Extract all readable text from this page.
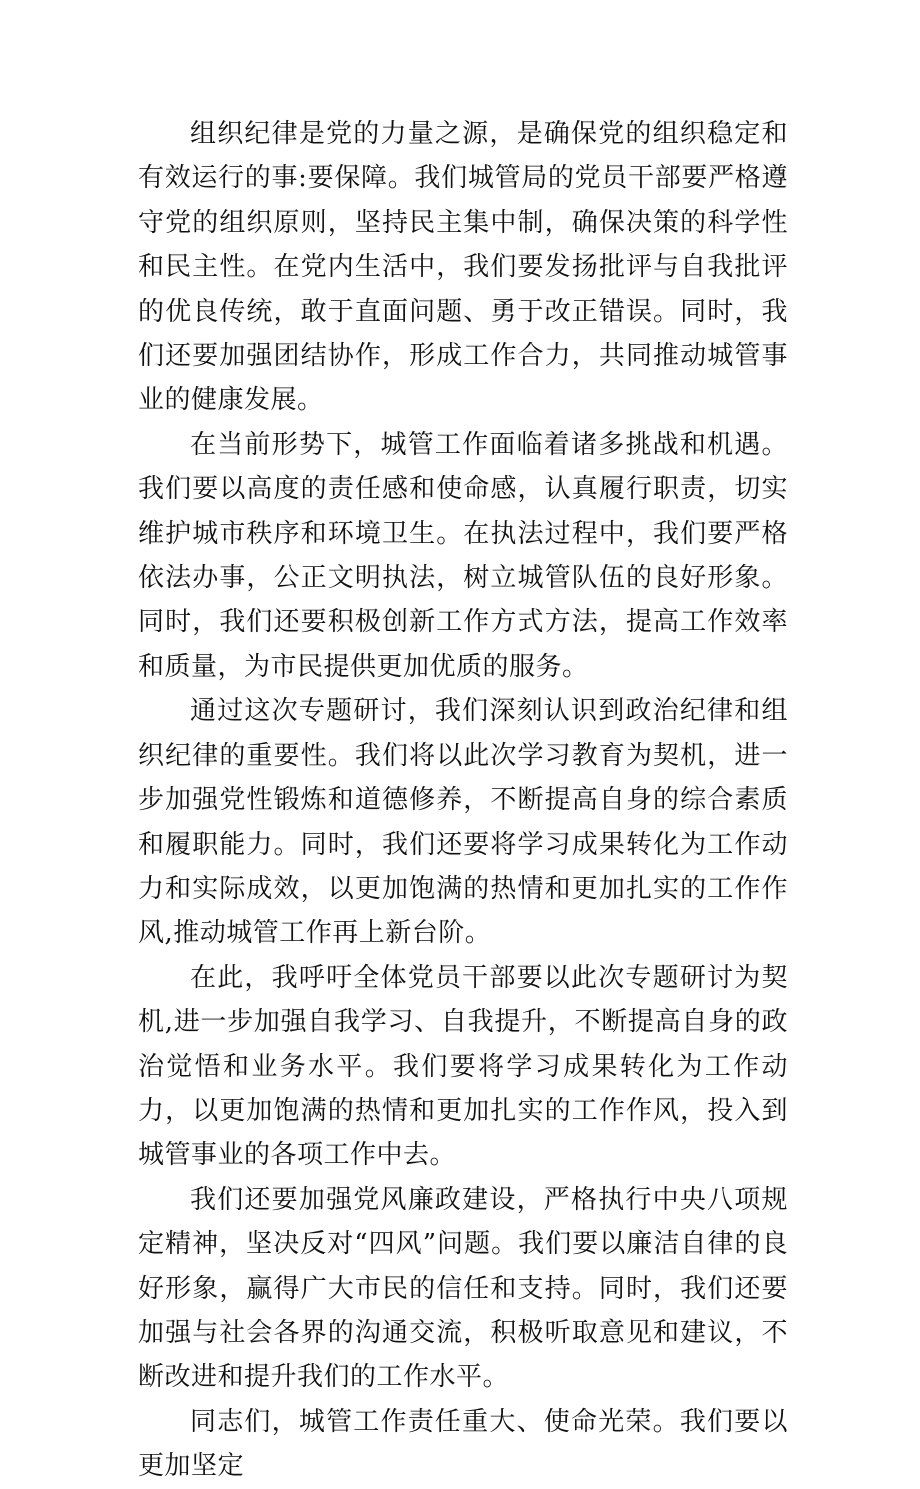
组织纪律是党的力量之源，是确保党的组织稳定和有效运行的事:要保障。我们城管局的党员干部要严格遵守党的组织原则，坚持民主集中制，确保决策的科学性和民主性。在党内生活中，我们要发扬批评与自我批评的优良传统，敢于直面问题、勇于改正错误。同时，我们还要加强团结协作，形成工作合力，共同推动城管事业的健康发展。

在当前形势下，城管工作面临着诸多挑战和机遇。我们要以高度的责任感和使命感，认真履行职责，切实维护城市秩序和环境卫生。在执法过程中，我们要严格依法办事，公正文明执法，树立城管队伍的良好形象。同时，我们还要积极创新工作方式方法，提高工作效率和质量，为市民提供更加优质的服务。

通过这次专题研讨，我们深刻认识到政治纪律和组织纪律的重要性。我们将以此次学习教育为契机，进一步加强党性锻炼和道德修养，不断提高自身的综合素质和履职能力。同时，我们还要将学习成果转化为工作动力和实际成效，以更加饱满的热情和更加扎实的工作作风,推动城管工作再上新台阶。

在此，我呼吁全体党员干部要以此次专题研讨为契机,进一步加强自我学习、自我提升，不断提高自身的政治觉悟和业务水平。我们要将学习成果转化为工作动力，以更加饱满的热情和更加扎实的工作作风，投入到城管事业的各项工作中去。

我们还要加强党风廉政建设，严格执行中央八项规定精神，坚决反对“四风”问题。我们要以廉洁自律的良好形象，赢得广大市民的信任和支持。同时，我们还要加强与社会各界的沟通交流，积极听取意见和建议，不断改进和提升我们的工作水平。

同志们，城管工作责任重大、使命光荣。我们要以更加坚定
